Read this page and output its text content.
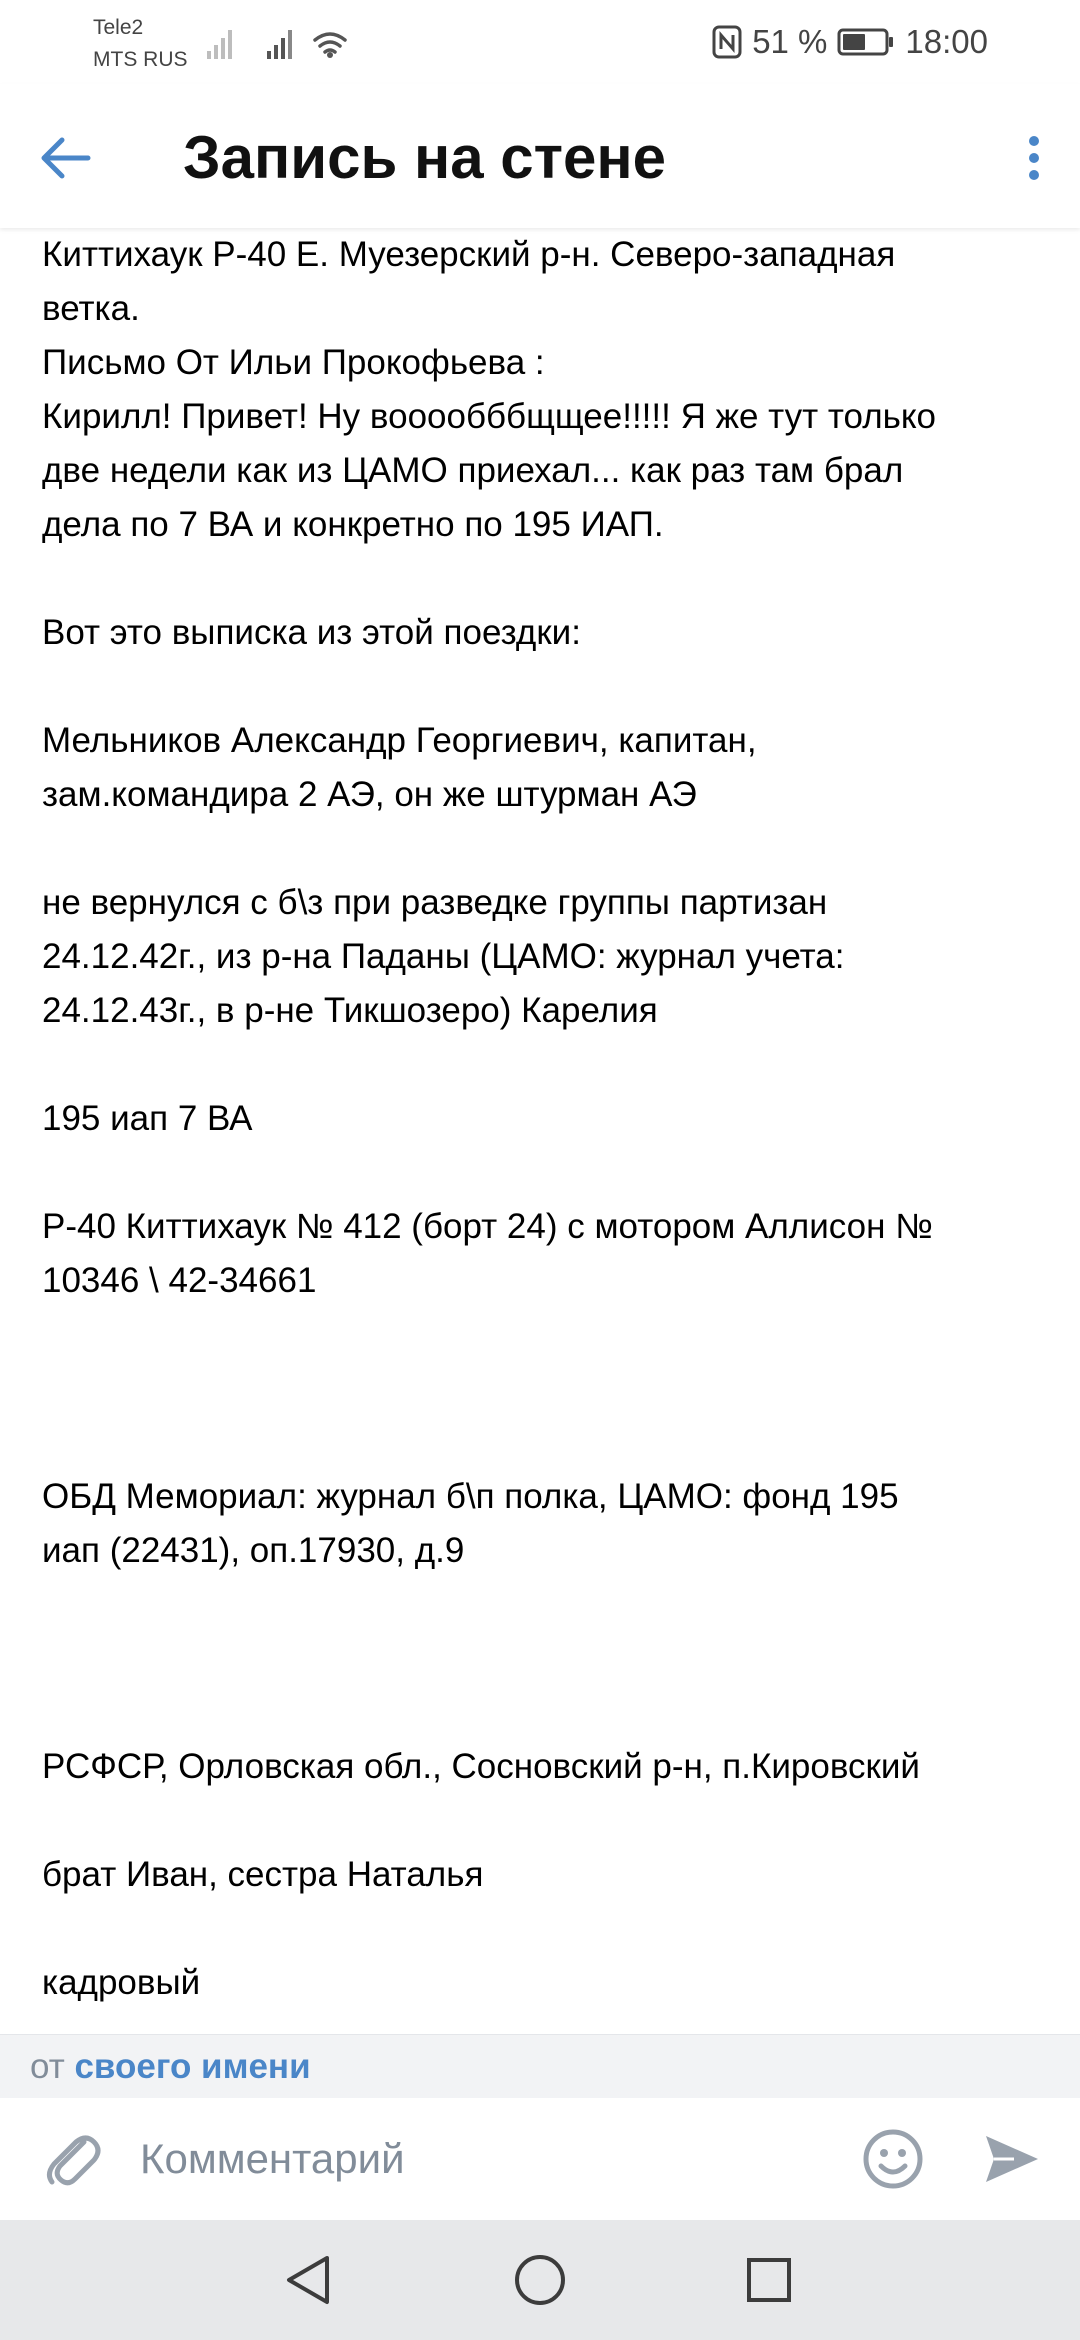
Tele2
MTS RUS	51 % 18:00
Запись на стене
Киттихаук Р-40 Е. Муезерский р-н. Северо-западная
ветка.
Письмо От Ильи Прокофьева :
Кирилл! Привет! Ну вооообббщщее!!!!! Я же тут только
две недели как из ЦАМО приехал... как раз там брал
дела по 7 ВА и конкретно по 195 ИАП.

Вот это выписка из этой поездки:

Мельников Александр Георгиевич, капитан,
зам.командира 2 АЭ, он же штурман АЭ

не вернулся с б\з при разведке группы партизан
24.12.42г., из р-на Паданы (ЦАМО: журнал учета:
24.12.43г., в р-не Тикшозеро) Карелия

195 иап 7 ВА

Р-40 Киттихаук № 412 (борт 24) с мотором Аллисон №
10346 \ 42-34661

ОБД Мемориал: журнал б\п полка, ЦАМО: фонд 195
иап (22431), оп.17930, д.9

РСФСР, Орловская обл., Сосновский р-н, п.Кировский

брат Иван, сестра Наталья

кадровый
от своего имени
Комментарий
